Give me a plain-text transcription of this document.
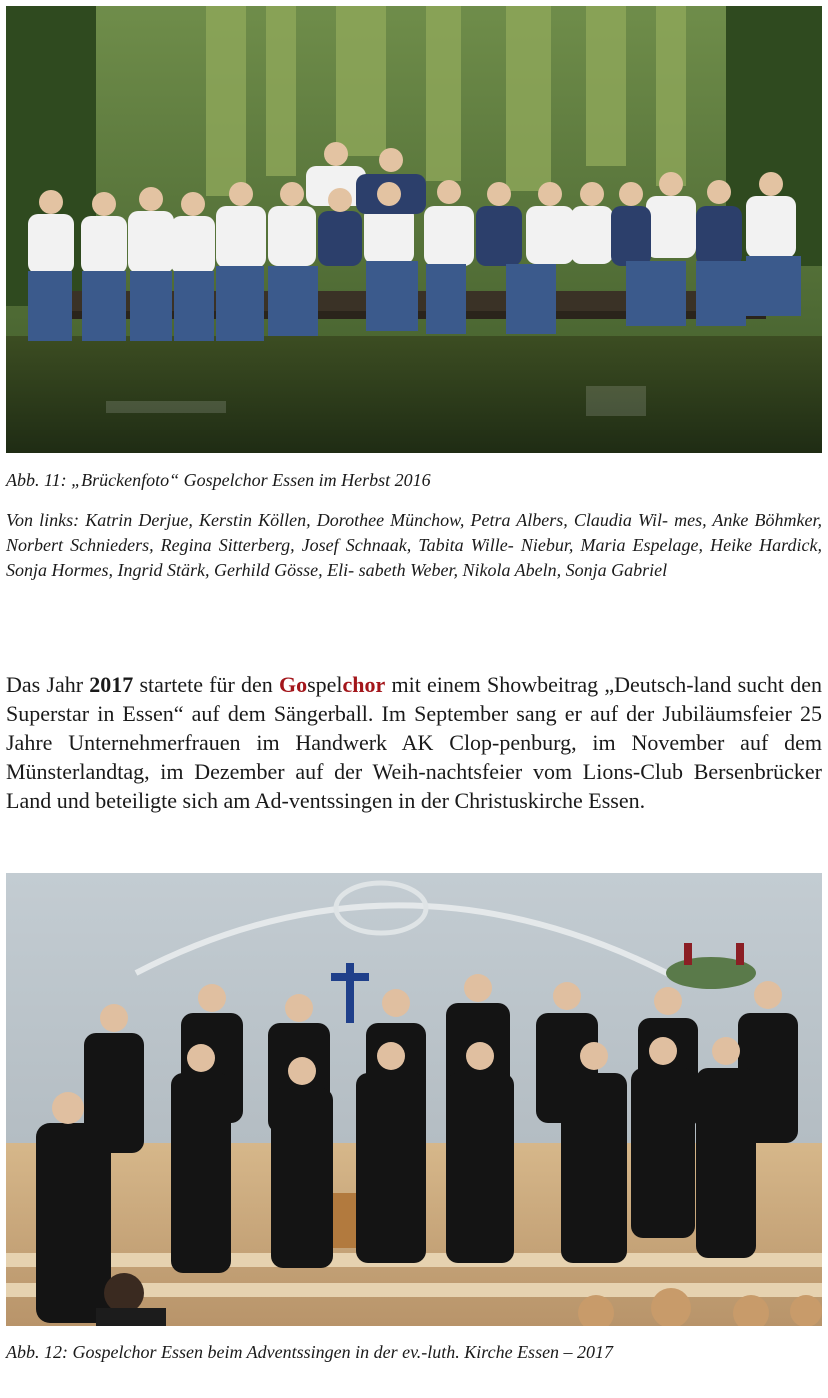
Abb. 11: „Brückenfoto“ Gospelchor Essen im Herbst 2016

Von links: Katrin Derjue, Kerstin Köllen, Dorothee Münchow, Petra Albers, Claudia Wil- mes, Anke Böhmker, Norbert Schnieders, Regina Sitterberg, Josef Schnaak, Tabita Wille- Niebur, Maria Espelage, Heike Hardick, Sonja Hormes, Ingrid Stärk, Gerhild Gösse, Eli- sabeth Weber, Nikola Abeln, Sonja Gabriel

Das Jahr 2017 startete für den Gospelchor mit einem Showbeitrag „Deutsch-land sucht den Superstar in Essen“ auf dem Sängerball. Im September sang er auf der Jubiläumsfeier 25 Jahre Unternehmerfrauen im Handwerk AK Clop-penburg, im November auf dem Münsterlandtag, im Dezember auf der Weih-nachtsfeier vom Lions-Club Bersenbrücker Land und beteiligte sich am Ad-ventssingen in der Christuskirche Essen.

Abb. 12: Gospelchor Essen beim Adventssingen in der ev.-luth. Kirche Essen – 2017
